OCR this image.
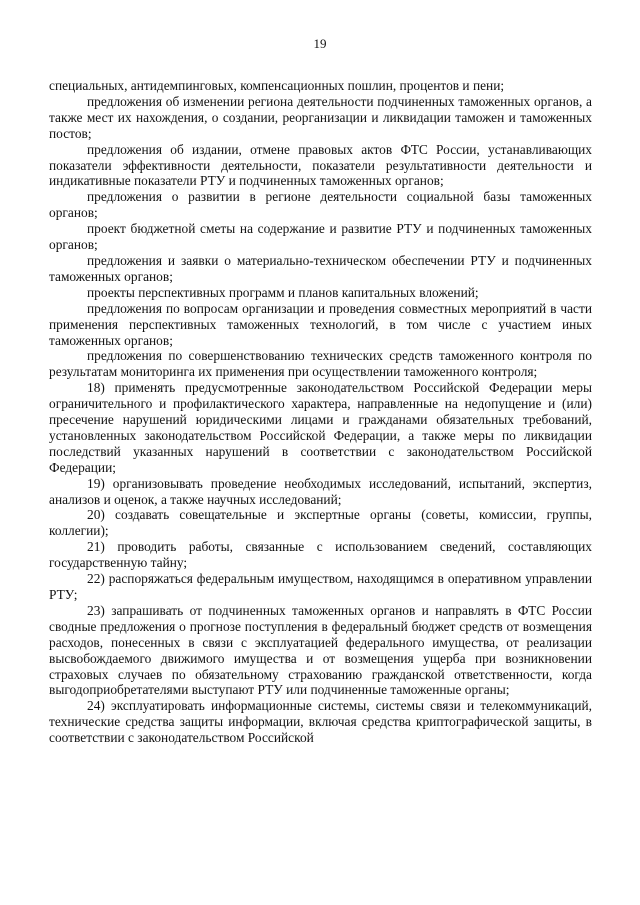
19

специальных, антидемпинговых, компенсационных пошлин, процентов и пени;

предложения об изменении региона деятельности подчиненных таможенных органов, а также мест их нахождения, о создании, реорганизации и ликвидации таможен и таможенных постов;

предложения об издании, отмене правовых актов ФТС России, устанавливающих показатели эффективности деятельности, показатели результативности деятельности и индикативные показатели РТУ и подчиненных таможенных органов;

предложения о развитии в регионе деятельности социальной базы таможенных органов;

проект бюджетной сметы на содержание и развитие РТУ и подчиненных таможенных органов;

предложения и заявки о материально-техническом обеспечении РТУ и подчиненных таможенных органов;

проекты перспективных программ и планов капитальных вложений;

предложения по вопросам организации и проведения совместных мероприятий в части применения перспективных таможенных технологий, в том числе с участием иных таможенных органов;

предложения по совершенствованию технических средств таможенного контроля по результатам мониторинга их применения при осуществлении таможенного контроля;

18) применять предусмотренные законодательством Российской Федерации меры ограничительного и профилактического характера, направленные на недопущение и (или) пресечение нарушений юридическими лицами и гражданами обязательных требований, установленных законодательством Российской Федерации, а также меры по ликвидации последствий указанных нарушений в соответствии с законодательством Российской Федерации;

19) организовывать проведение необходимых исследований, испытаний, экспертиз, анализов и оценок, а также научных исследований;

20) создавать совещательные и экспертные органы (советы, комиссии, группы, коллегии);

21) проводить работы, связанные с использованием сведений, составляющих государственную тайну;

22) распоряжаться федеральным имуществом, находящимся в оперативном управлении РТУ;

23) запрашивать от подчиненных таможенных органов и направлять в ФТС России сводные предложения о прогнозе поступления в федеральный бюджет средств от возмещения расходов, понесенных в связи с эксплуатацией федерального имущества, от реализации высвобождаемого движимого имущества и от возмещения ущерба при возникновении страховых случаев по обязательному страхованию гражданской ответственности, когда выгодоприобретателями выступают РТУ или подчиненные таможенные органы;

24) эксплуатировать информационные системы, системы связи и телекоммуникаций, технические средства защиты информации, включая средства криптографической защиты, в соответствии с законодательством Российской
